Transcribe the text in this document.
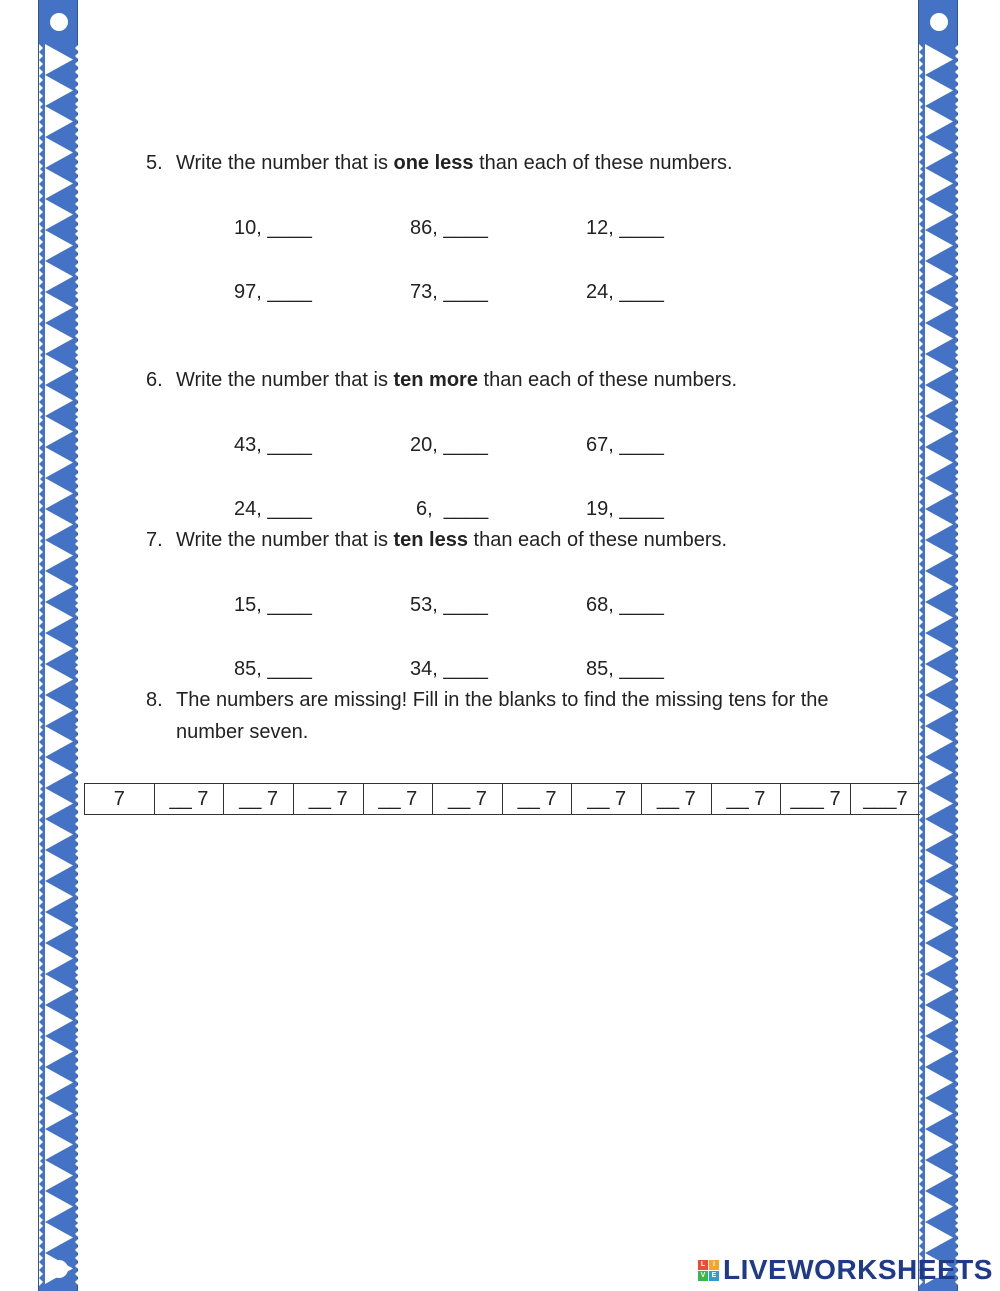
5. Write the number that is one less than each of these numbers.
10, ____	86, ____	12, ____
97, ____	73, ____	24, ____
6. Write the number that is ten more than each of these numbers.
43, ____	20, ____	67, ____
24, ____	6,  ____	19, ____
7. Write the number that is ten less than each of these numbers.
15, ____	53, ____	68, ____
85, ____	34, ____	85, ____
8. The numbers are missing! Fill in the blanks to find the missing tens for the
number seven.
7	__ 7	__ 7	__ 7	__ 7	__ 7	__ 7	__ 7	__ 7	__ 7	___ 7	___7
L	I
V E LIVEWORKSHEETS
